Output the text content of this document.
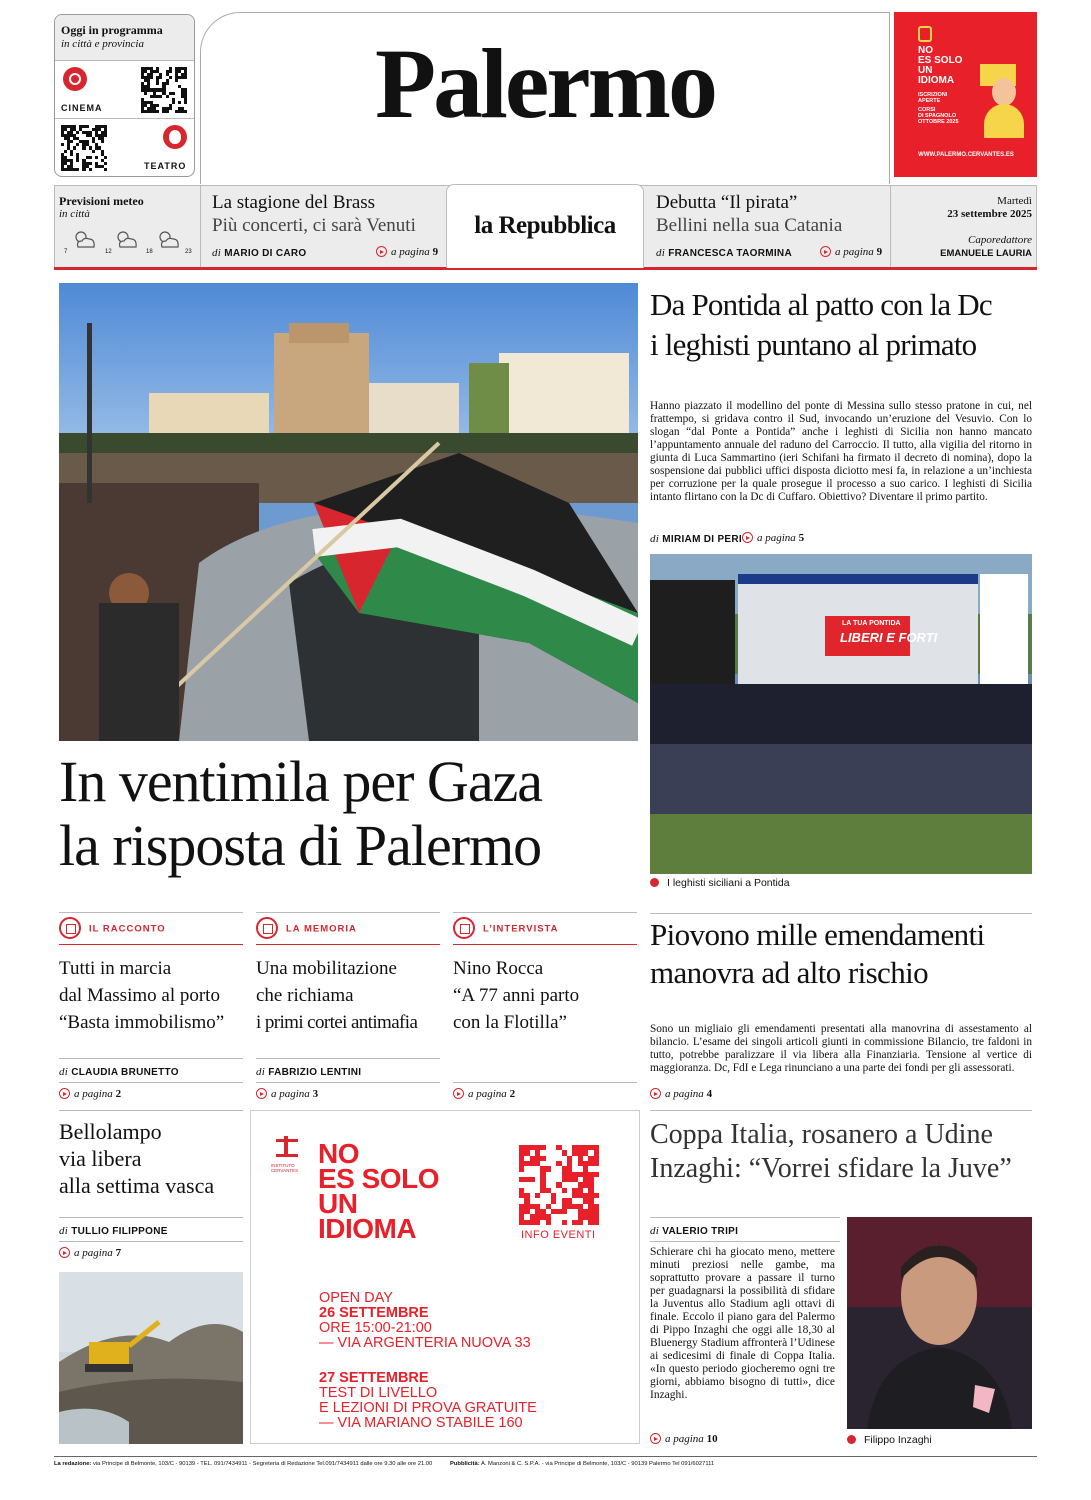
Oggi in programma
in città e provincia
CINEMA
TEATRO
Palermo	NO
ES SOLO
UN
IDIOMA
ISCRIZIONI
APERTE
CORSI
DI SPAGNOLO
OTTOBRE 2025
WWW.PALERMO.CERVANTES.ES
Previsioni meteo
in città
7	12	18	23
La stagione del Brass
Più concerti, ci sarà Venuti
di MARIO DI CARO	a pagina 9
la Repubblica
Debutta “Il pirata”
Bellini nella sua Catania
di FRANCESCA TAORMINA	a pagina 9
Martedì
23 settembre 2025
Caporedattore
EMANUELE LAURIA
In ventimila per Gaza
la risposta di Palermo
IL RACCONTO	LA MEMORIA	L’INTERVISTA
Tutti in marcia
dal Massimo al porto
“Basta immobilismo”
Una mobilitazione
che richiama
i primi cortei antimafia
Nino Rocca
“A 77 anni parto
con la Flotilla”
di CLAUDIA BRUNETTO	di FABRIZIO LENTINI
a pagina 2	a pagina 3	a pagina 2
Da Pontida al patto con la Dc
i leghisti puntano al primato
Hanno piazzato il modellino del ponte di Messina sullo stesso pratone in cui, nel frattempo, si gridava contro il Sud, invocando un’eruzione del Vesuvio. Con lo slogan “dal Ponte a Pontida” anche i leghisti di Sicilia non hanno mancato l’appuntamento annuale del raduno del Carroccio. Il tutto, alla vigilia del ritorno in giunta di Luca Sammartino (ieri Schifani ha firmato il decreto di nomina), dopo la sospensione dai pubblici uffici disposta diciotto mesi fa, in relazione a un’inchiesta per corruzione per la quale prosegue il processo a suo carico. I leghisti di Sicilia intanto flirtano con la Dc di Cuffaro. Obiettivo? Diventare il primo partito.
di MIRIAM DI PERI	a pagina 5
LA TUA PONTIDA
LIBERI E FORTI
I leghisti siciliani a Pontida
Piovono mille emendamenti
manovra ad alto rischio
Sono un migliaio gli emendamenti presentati alla manovrina di assestamento al bilancio. L’esame dei singoli articoli giunti in commissione Bilancio, tre faldoni in tutto, potrebbe paralizzare il via libera alla Finanziaria. Tensione al vertice di maggioranza. Dc, FdI e Lega rinunciano a una parte dei fondi per gli assessorati.
a pagina 4
Bellolampo
via libera
alla settima vasca
di TULLIO FILIPPONE
a pagina 7
INSTITUTO CERVANTES
NO
ES SOLO
UN
IDIOMA	INFO EVENTI
OPEN DAY
26 SETTEMBRE
ORE 15:00-21:00
— VIA ARGENTERIA NUOVA 33
27 SETTEMBRE
TEST DI LIVELLO
E LEZIONI DI PROVA GRATUITE
— VIA MARIANO STABILE 160
Coppa Italia, rosanero a Udine
Inzaghi: “Vorrei sfidare la Juve”
di VALERIO TRIPI
Schierare chi ha giocato meno, mettere minuti preziosi nelle gambe, ma soprattutto provare a passare il turno per guadagnarsi la possibilità di sfidare la Juventus allo Stadium agli ottavi di finale. Eccolo il piano gara del Palermo di Pippo Inzaghi che oggi alle 18,30 al Bluenergy Stadium affronterà l’Udinese ai sedicesimi di finale di Coppa Italia. «In questo periodo giocheremo ogni tre giorni, abbiamo bisogno di tutti», dice Inzaghi.
a pagina 10	Filippo Inzaghi
La redazione: via Principe di Belmonte, 103/C - 90139 - TEL. 091/7434911 - Segreteria di Redazione Tel.091/7434911 dalle ore 9.30 alle ore 21.00	Pubblicità: A. Manzoni & C. S.P.A. - via Principe di Belmonte, 103/C - 90139 Palermo Tel 091/6027111
